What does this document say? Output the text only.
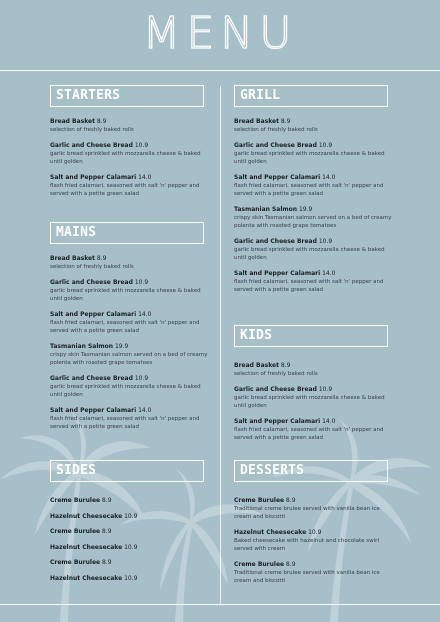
MENU
STARTERS
Bread Basket 8.9
selection of freshly baked rolls
Garlic and Cheese Bread 10.9
garlic bread sprinkled with mozzarella cheese & baked until golden
Salt and Pepper Calamari 14.0
flash fried calamari, seasoned with salt 'n' pepper and served with a petite green salad
MAINS
Bread Basket 8.9
selection of freshly baked rolls
Garlic and Cheese Bread 10.9
garlic bread sprinkled with mozzarella cheese & baked until golden
Salt and Pepper Calamari 14.0
flash fried calamari, seasoned with salt 'n' pepper and served with a petite green salad
Tasmanian Salmon 19.9
crispy skin Tasmanian salmon served on a bed of creamy polenta with roasted grape tomatoes
Garlic and Cheese Bread 10.9
garlic bread sprinkled with mozzarella cheese & baked until golden
Salt and Pepper Calamari 14.0
flash fried calamari, seasoned with salt 'n' pepper and served with a petite green salad
SIDES
Creme Burulee 8.9
Hazelnut Cheesecake 10.9
Creme Burulee 8.9
Hazelnut Cheesecake 10.9
Creme Burulee 8.9
Hazelnut Cheesecake 10.9
GRILL
Bread Basket 8.9
selection of freshly baked rolls
Garlic and Cheese Bread 10.9
garlic bread sprinkled with mozzarella cheese & baked until golden
Salt and Pepper Calamari 14.0
flash fried calamari, seasoned with salt 'n' pepper and served with a petite green salad
Tasmanian Salmon 19.9
crispy skin Tasmanian salmon served on a bed of creamy polenta with roasted grape tomatoes
Garlic and Cheese Bread 10.9
garlic bread sprinkled with mozzarella cheese & baked until golden
Salt and Pepper Calamari 14.0
flash fried calamari, seasoned with salt 'n' pepper and served with a petite green salad
KIDS
Bread Basket 8.9
selection of freshly baked rolls
Garlic and Cheese Bread 10.9
garlic bread sprinkled with mozzarella cheese & baked until golden
Salt and Pepper Calamari 14.0
flash fried calamari, seasoned with salt 'n' pepper and served with a petite green salad
DESSERTS
Creme Burulee 8.9
Traditional creme brulee served with vanilla bean ice cream and biscotti
Hazelnut Cheesecake 10.9
Baked cheesecake with hazelnut and chocolate swirl served with cream
Creme Burulee 8.9
Traditional creme brulee served with vanilla bean ice cream and biscotti
